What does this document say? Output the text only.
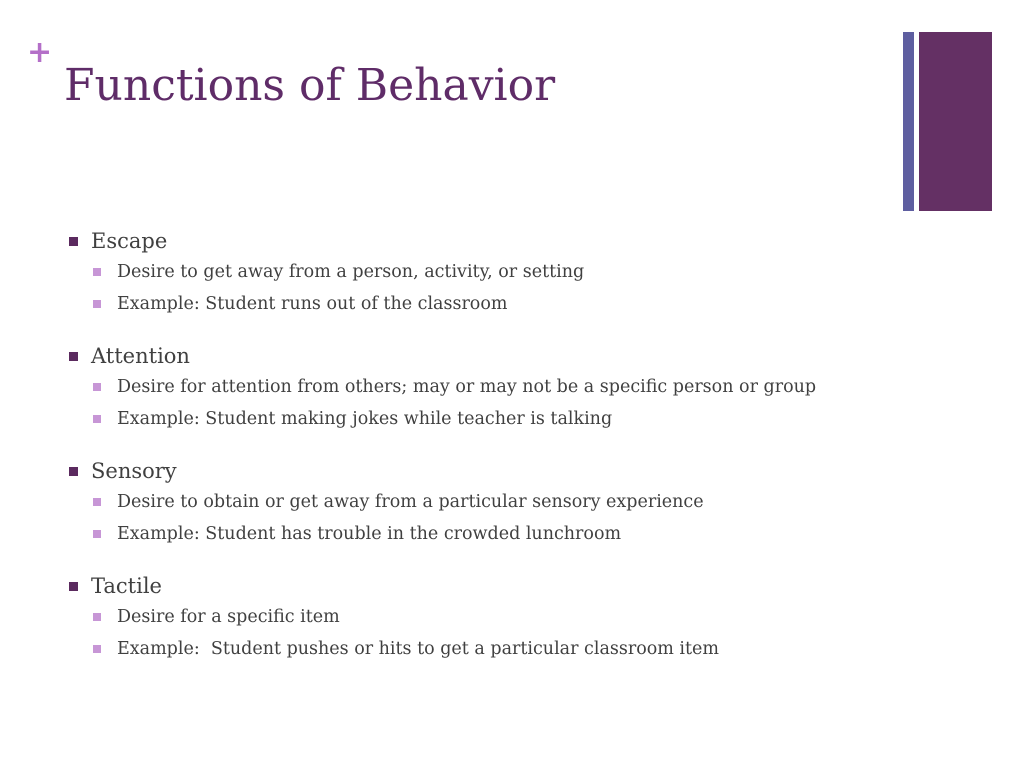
+
Functions of Behavior
Escape
Desire to get away from a person, activity, or setting
Example: Student runs out of the classroom
Attention
Desire for attention from others; may or may not be a specific person or group
Example: Student making jokes while teacher is talking
Sensory
Desire to obtain or get away from a particular sensory experience
Example: Student has trouble in the crowded lunchroom
Tactile
Desire for a specific item
Example:  Student pushes or hits to get a particular classroom item
